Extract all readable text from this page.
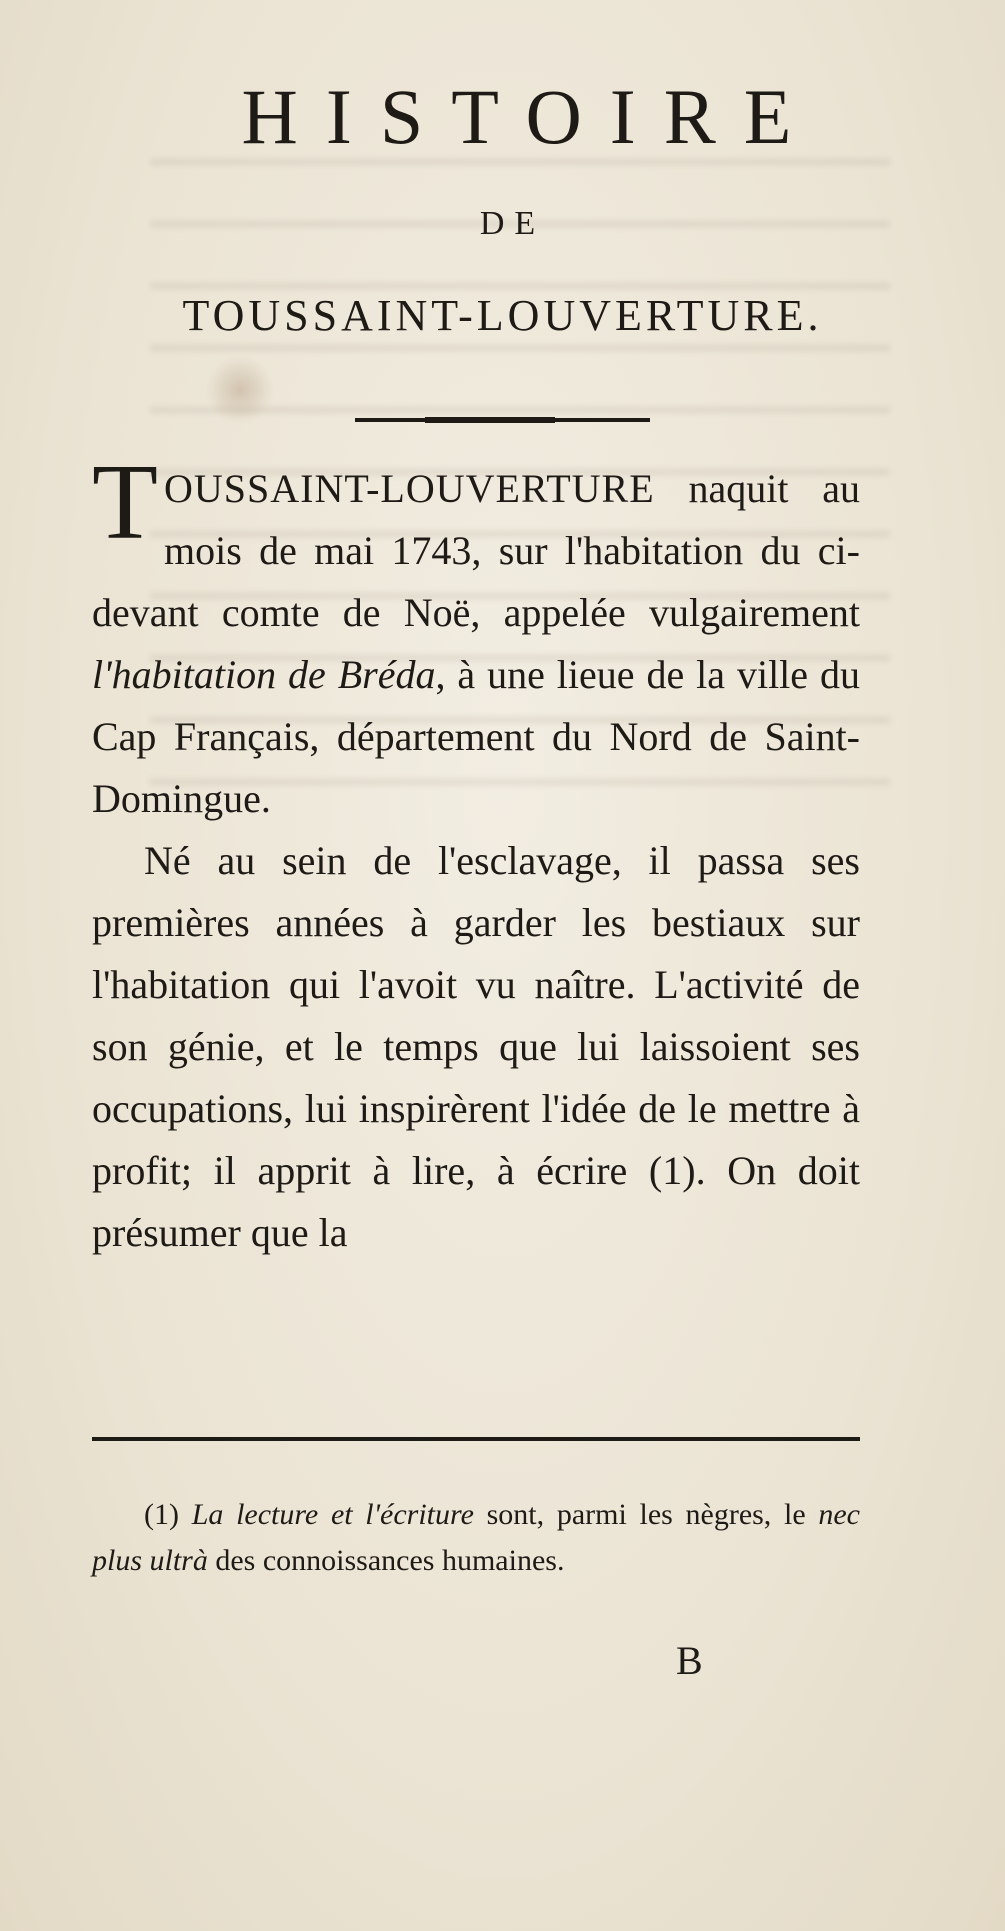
HISTOIRE
DE
TOUSSAINT-LOUVERTURE.

TOUSSAINT-LOUVERTURE naquit au mois de mai 1743, sur l'habitation du ci-devant comte de Noë, appelée vulgairement l'habitation de Bréda, à une lieue de la ville du Cap Français, département du Nord de Saint-Domingue.

Né au sein de l'esclavage, il passa ses premières années à garder les bestiaux sur l'habitation qui l'avoit vu naître. L'activité de son génie, et le temps que lui laissoient ses occupations, lui inspirèrent l'idée de le mettre à profit; il apprit à lire, à écrire (1). On doit présumer que la

(1) La lecture et l'écriture sont, parmi les nègres, le nec plus ultrà des connoissances humaines.

B
